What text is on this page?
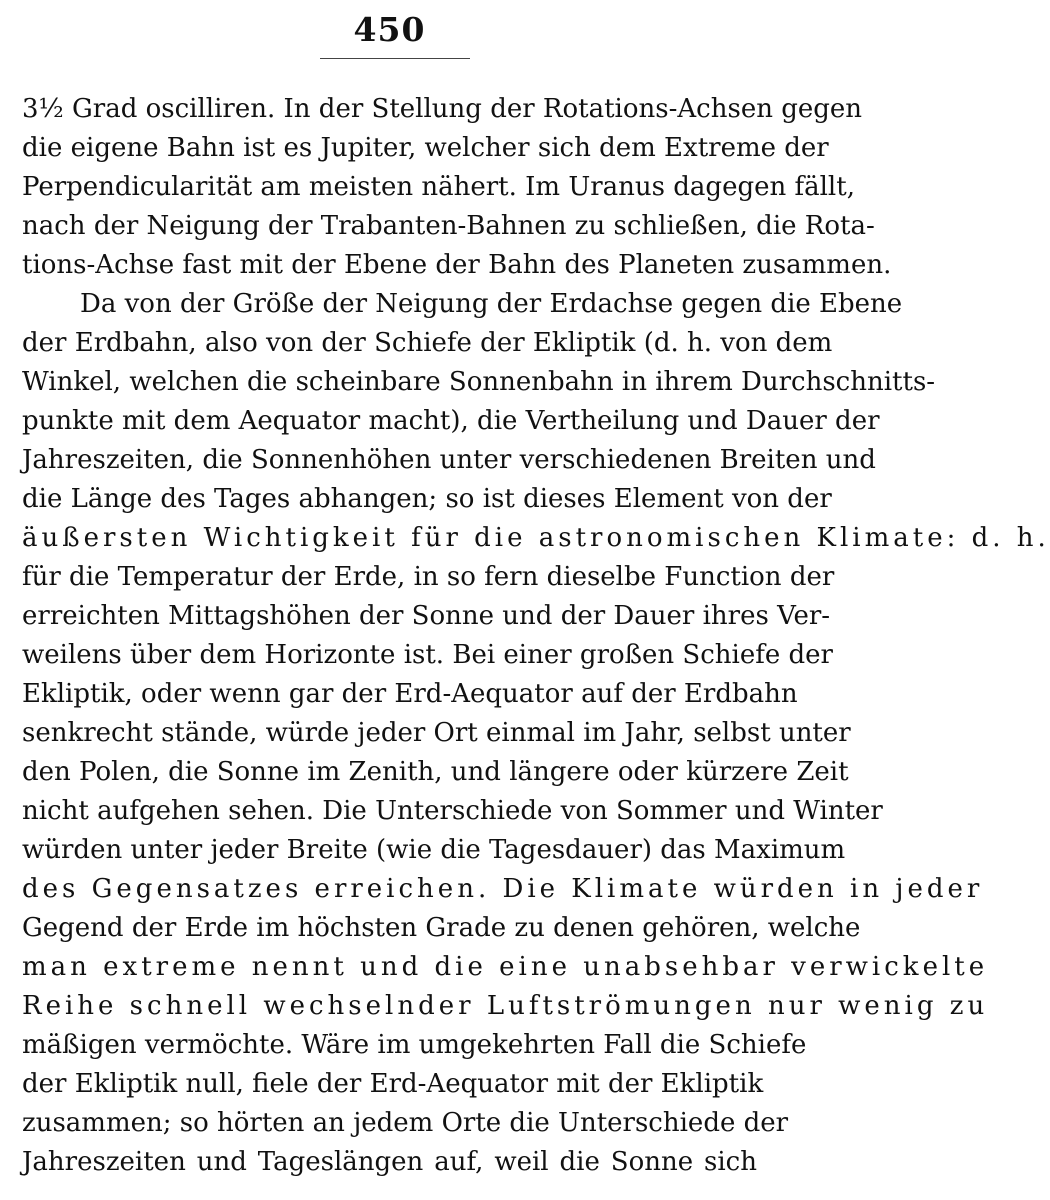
450
3½ Grad oscilliren. In der Stellung der Rotations-Achsen gegen
die eigene Bahn ist es Jupiter, welcher sich dem Extreme der
Perpendicularität am meisten nähert. Im Uranus dagegen fällt,
nach der Neigung der Trabanten-Bahnen zu schließen, die Rota-
tions-Achse fast mit der Ebene der Bahn des Planeten zusammen.
Da von der Größe der Neigung der Erdachse gegen die Ebene
der Erdbahn, also von der Schiefe der Ekliptik (d. h. von dem
Winkel, welchen die scheinbare Sonnenbahn in ihrem Durchschnitts-
punkte mit dem Aequator macht), die Vertheilung und Dauer der
Jahreszeiten, die Sonnenhöhen unter verschiedenen Breiten und
die Länge des Tages abhangen; so ist dieses Element von der
äußersten Wichtigkeit für die astronomischen Klimate: d. h.
für die Temperatur der Erde, in so fern dieselbe Function der
erreichten Mittagshöhen der Sonne und der Dauer ihres Ver-
weilens über dem Horizonte ist. Bei einer großen Schiefe der
Ekliptik, oder wenn gar der Erd-Aequator auf der Erdbahn
senkrecht stände, würde jeder Ort einmal im Jahr, selbst unter
den Polen, die Sonne im Zenith, und längere oder kürzere Zeit
nicht aufgehen sehen. Die Unterschiede von Sommer und Winter
würden unter jeder Breite (wie die Tagesdauer) das Maximum
des Gegensatzes erreichen. Die Klimate würden in jeder
Gegend der Erde im höchsten Grade zu denen gehören, welche
man extreme nennt und die eine unabsehbar verwickelte
Reihe schnell wechselnder Luftströmungen nur wenig zu
mäßigen vermöchte. Wäre im umgekehrten Fall die Schiefe
der Ekliptik null, fiele der Erd-Aequator mit der Ekliptik
zusammen; so hörten an jedem Orte die Unterschiede der
Jahreszeiten und Tageslängen auf, weil die Sonne sich
